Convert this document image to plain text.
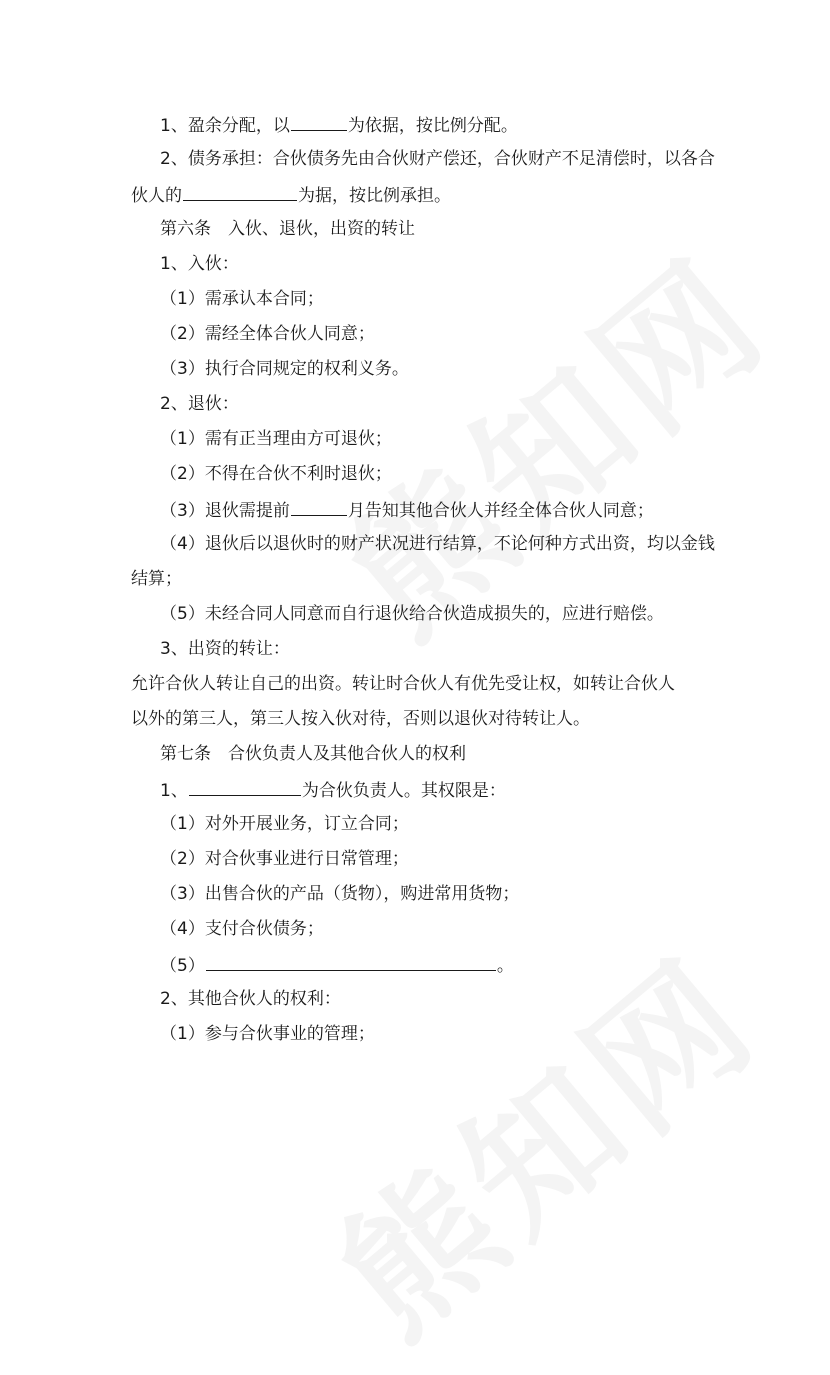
1、盈余分配，以	为依据，按比例分配。
2、债务承担：合伙债务先由合伙财产偿还，合伙财产不足清偿时，以各合
伙人的	为据，按比例承担。
第六条　入伙、退伙，出资的转让
1、入伙：
（1）需承认本合同；
（2）需经全体合伙人同意；
（3）执行合同规定的权利义务。
2、退伙：
（1）需有正当理由方可退伙；
（2）不得在合伙不利时退伙；
（3）退伙需提前	月告知其他合伙人并经全体合伙人同意；
（4）退伙后以退伙时的财产状况进行结算，不论何种方式出资，均以金钱
结算；
（5）未经合同人同意而自行退伙给合伙造成损失的，应进行赔偿。
3、出资的转让：
允许合伙人转让自己的出资。转让时合伙人有优先受让权，如转让合伙人
以外的第三人，第三人按入伙对待，否则以退伙对待转让人。
第七条　合伙负责人及其他合伙人的权利
1、	为合伙负责人。其权限是：
（1）对外开展业务，订立合同；
（2）对合伙事业进行日常管理；
（3）出售合伙的产品（货物），购进常用货物；
（4）支付合伙债务；
（5）	。
2、其他合伙人的权利：
（1）参与合伙事业的管理；
